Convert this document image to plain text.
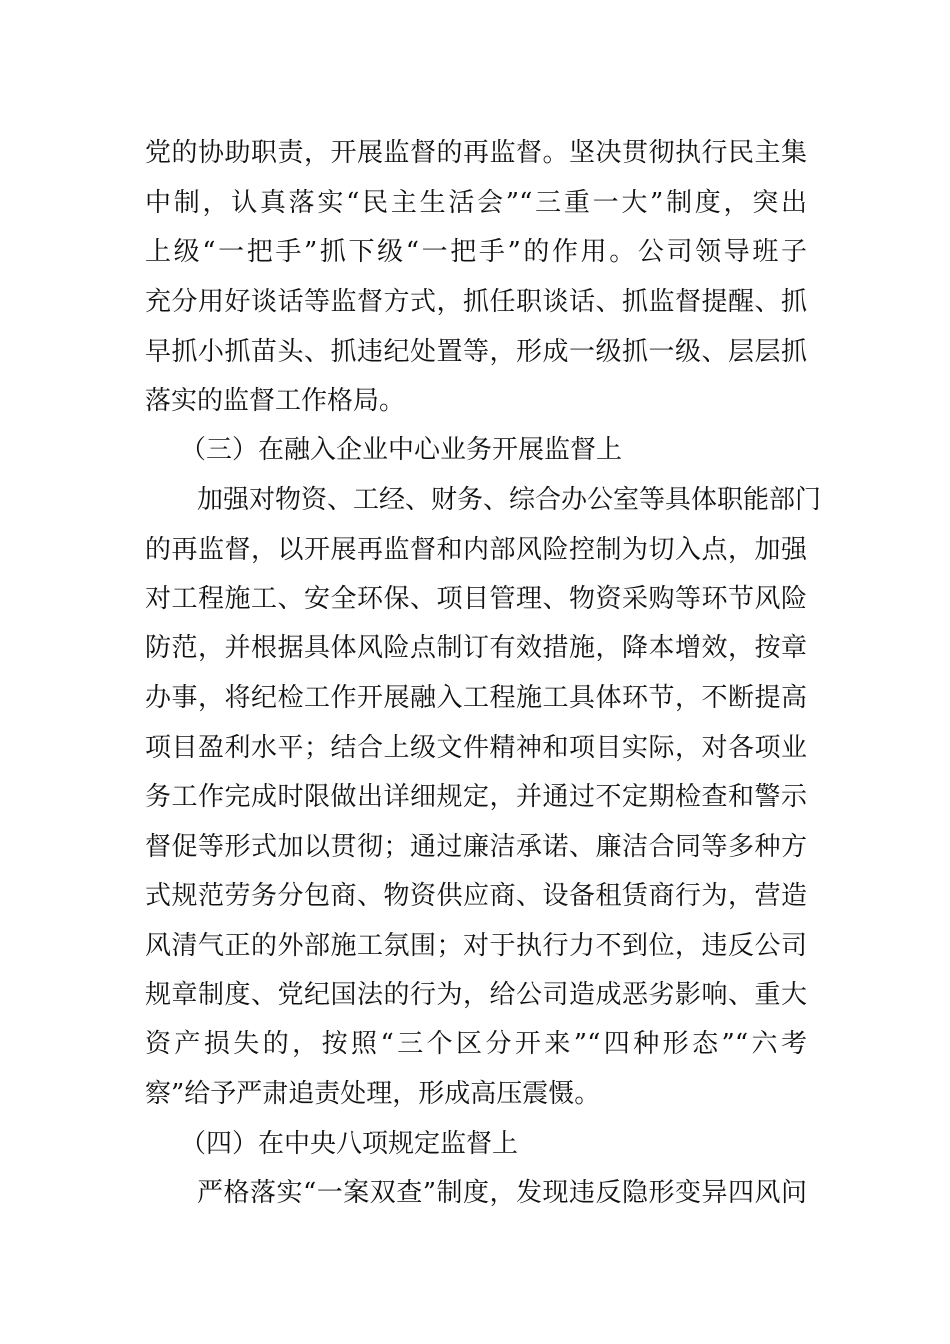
党的协助职责，开展监督的再监督。坚决贯彻执行民主集
中制，认真落实“民主生活会”“三重一大”制度，突出
上级“一把手”抓下级“一把手”的作用。公司领导班子
充分用好谈话等监督方式，抓任职谈话、抓监督提醒、抓
早抓小抓苗头、抓违纪处置等，形成一级抓一级、层层抓
落实的监督工作格局。
（三）在融入企业中心业务开展监督上
加强对物资、工经、财务、综合办公室等具体职能部门
的再监督，以开展再监督和内部风险控制为切入点，加强
对工程施工、安全环保、项目管理、物资采购等环节风险
防范，并根据具体风险点制订有效措施，降本增效，按章
办事，将纪检工作开展融入工程施工具体环节，不断提高
项目盈利水平；结合上级文件精神和项目实际，对各项业
务工作完成时限做出详细规定，并通过不定期检查和警示
督促等形式加以贯彻；通过廉洁承诺、廉洁合同等多种方
式规范劳务分包商、物资供应商、设备租赁商行为，营造
风清气正的外部施工氛围；对于执行力不到位，违反公司
规章制度、党纪国法的行为，给公司造成恶劣影响、重大
资产损失的，按照“三个区分开来”“四种形态”“六考
察”给予严肃追责处理，形成高压震慑。
（四）在中央八项规定监督上
严格落实“一案双查”制度，发现违反隐形变异四风问
